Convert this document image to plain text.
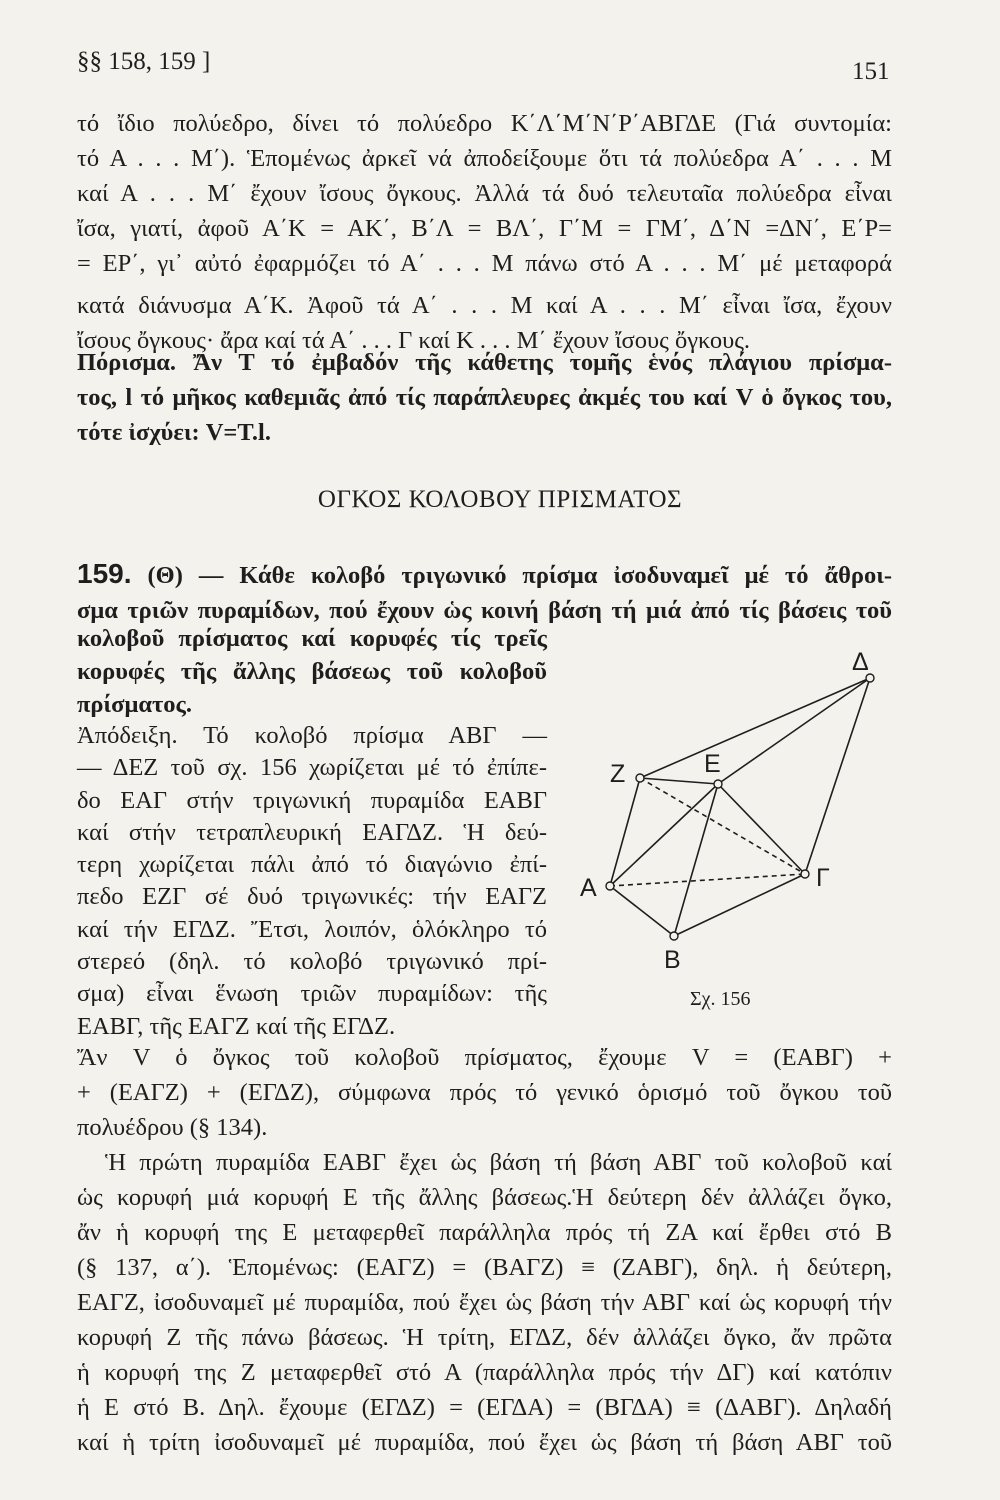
§§ 158, 159 ]	151
τό ἴδιο πολύεδρο, δίνει τό πολύεδρο Κ΄Λ΄Μ΄Ν΄Ρ΄ΑΒΓΔΕ (Γιά συντομία:
τό Α . . . Μ΄). Ἑπομένως ἀρκεῖ νά ἀποδείξουμε ὅτι τά πολύεδρα Α΄ . . . Μ
καί Α . . . Μ΄ ἔχουν ἴσους ὄγκους. Ἀλλά τά δυό τελευταῖα πολύεδρα εἶναι
ἴσα, γιατί, ἀφοῦ Α΄Κ = ΑΚ΄, Β΄Λ = ΒΛ΄, Γ΄Μ = ΓΜ΄, Δ΄Ν =ΔΝ΄, Ε΄Ρ=
= ΕΡ΄, γι᾽ αὐτό ἐφαρμόζει τό Α΄ . . . Μ πάνω στό Α . . . Μ΄ μέ μεταφορά
κατά διάνυσμα Α΄Κ. Ἀφοῦ τά Α΄ . . . Μ καί Α . . . Μ΄ εἶναι ἴσα, ἔχουν
ἴσους ὄγκους· ἄρα καί τά Α΄ . . . Γ καί Κ . . . Μ΄ ἔχουν ἴσους ὄγκους.
Πόρισμα. Ἄν Τ τό ἐμβαδόν τῆς κάθετης τομῆς ἑνός πλάγιου πρίσμα-
τος, l τό μῆκος καθεμιᾶς ἀπό τίς παράπλευρες ἀκμές του καί V ὁ ὄγκος του,
τότε ἰσχύει: V=T.l.
ΟΓΚΟΣ ΚΟΛΟΒΟΥ ΠΡΙΣΜΑΤΟΣ
159. (Θ) — Κάθε κολοβό τριγωνικό πρίσμα ἰσοδυναμεῖ μέ τό ἄθροι-
σμα τριῶν πυραμίδων, πού ἔχουν ὡς κοινή βάση τή μιά ἀπό τίς βάσεις τοῦ
κολοβοῦ πρίσματος καί κορυφές τίς τρεῖς
κορυφές τῆς ἄλλης βάσεως τοῦ κολοβοῦ
πρίσματος.
Ἀπόδειξη. Τό κολοβό πρίσμα ΑΒΓ —
— ΔΕΖ τοῦ σχ. 156 χωρίζεται μέ τό ἐπίπε-
δο ΕΑΓ στήν τριγωνική πυραμίδα ΕΑΒΓ
καί στήν τετραπλευρική ΕΑΓΔΖ. Ἡ δεύ-
τερη χωρίζεται πάλι ἀπό τό διαγώνιο ἐπί-
πεδο ΕΖΓ σέ δυό τριγωνικές: τήν ΕΑΓΖ
καί τήν ΕΓΔΖ. Ἔτσι, λοιπόν, ὁλόκληρο τό
στερεό (δηλ. τό κολοβό τριγωνικό πρί-
σμα) εἶναι ἕνωση τριῶν πυραμίδων: τῆς
ΕΑΒΓ, τῆς ΕΑΓΖ καί τῆς ΕΓΔΖ.
Δ
Z	E
A	Γ
B
Σχ. 156
Ἄν V ὁ ὄγκος τοῦ κολοβοῦ πρίσματος, ἔχουμε V = (ΕΑΒΓ) +
+ (ΕΑΓΖ) + (ΕΓΔΖ), σύμφωνα πρός τό γενικό ὁρισμό τοῦ ὄγκου τοῦ
πολυέδρου (§ 134).
Ἡ πρώτη πυραμίδα ΕΑΒΓ ἔχει ὡς βάση τή βάση ΑΒΓ τοῦ κολοβοῦ καί
ὡς κορυφή μιά κορυφή Ε τῆς ἄλλης βάσεως.Ἡ δεύτερη δέν ἀλλάζει ὄγκο,
ἄν ἡ κορυφή της Ε μεταφερθεῖ παράλληλα πρός τή ΖΑ καί ἔρθει στό Β
(§ 137, α΄). Ἑπομένως: (ΕΑΓΖ) = (ΒΑΓΖ) ≡ (ΖΑΒΓ), δηλ. ἡ δεύτερη,
ΕΑΓΖ, ἰσοδυναμεῖ μέ πυραμίδα, πού ἔχει ὡς βάση τήν ΑΒΓ καί ὡς κορυφή τήν
κορυφή Ζ τῆς πάνω βάσεως. Ἡ τρίτη, ΕΓΔΖ, δέν ἀλλάζει ὄγκο, ἄν πρῶτα
ἡ κορυφή της Ζ μεταφερθεῖ στό Α (παράλληλα πρός τήν ΔΓ) καί κατόπιν
ἡ Ε στό Β. Δηλ. ἔχουμε (ΕΓΔΖ) = (ΕΓΔΑ) = (ΒΓΔΑ) ≡ (ΔΑΒΓ). Δηλαδή
καί ἡ τρίτη ἰσοδυναμεῖ μέ πυραμίδα, πού ἔχει ὡς βάση τή βάση ΑΒΓ τοῦ
